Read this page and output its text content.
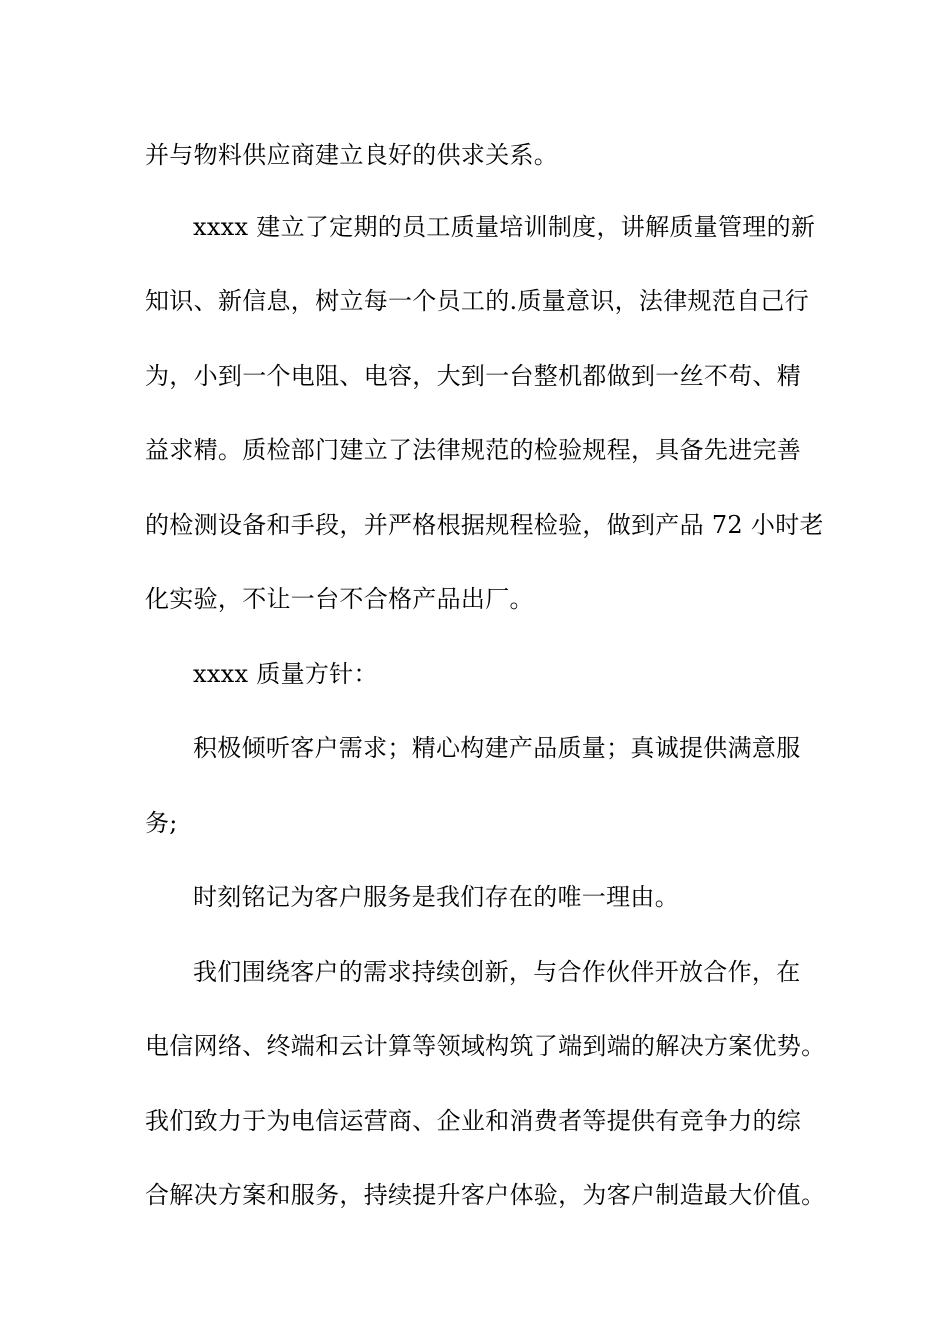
并与物料供应商建立良好的供求关系。
xxxx 建立了定期的员工质量培训制度，讲解质量管理的新
知识、新信息，树立每一个员工的.质量意识，法律规范自己行
为，小到一个电阻、电容，大到一台整机都做到一丝不苟、精
益求精。质检部门建立了法律规范的检验规程，具备先进完善
的检测设备和手段，并严格根据规程检验，做到产品 72 小时老
化实验，不让一台不合格产品出厂。
xxxx 质量方针：
积极倾听客户需求；精心构建产品质量；真诚提供满意服
务;
时刻铭记为客户服务是我们存在的唯一理由。
我们围绕客户的需求持续创新，与合作伙伴开放合作，在
电信网络、终端和云计算等领域构筑了端到端的解决方案优势。
我们致力于为电信运营商、企业和消费者等提供有竞争力的综
合解决方案和服务，持续提升客户体验，为客户制造最大价值。
